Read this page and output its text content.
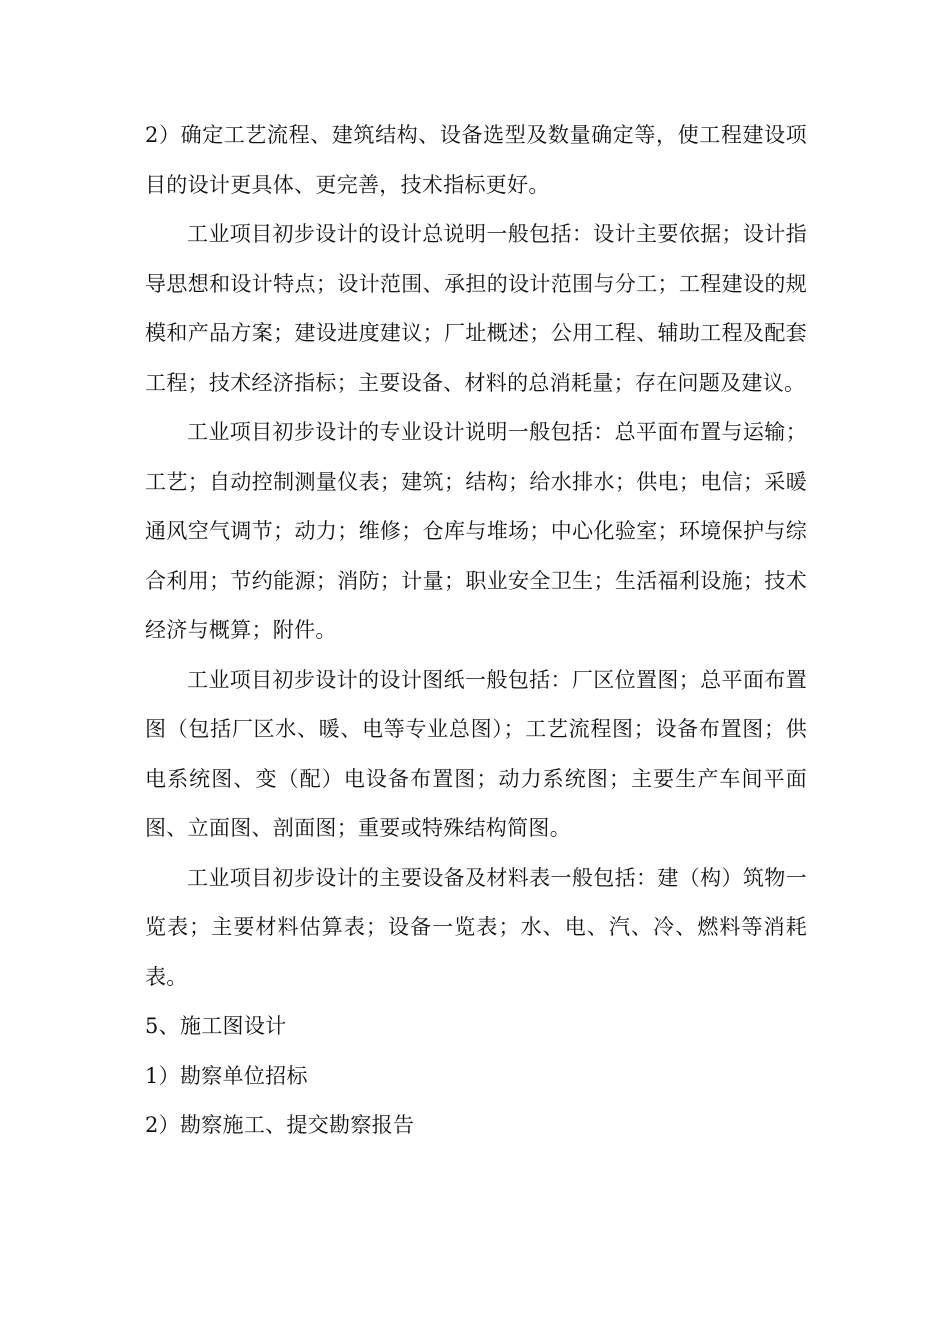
2）确定工艺流程、建筑结构、设备选型及数量确定等，使工程建设项目的设计更具体、更完善，技术指标更好。

工业项目初步设计的设计总说明一般包括：设计主要依据；设计指导思想和设计特点；设计范围、承担的设计范围与分工；工程建设的规模和产品方案；建设进度建议；厂址概述；公用工程、辅助工程及配套工程；技术经济指标；主要设备、材料的总消耗量；存在问题及建议。

工业项目初步设计的专业设计说明一般包括：总平面布置与运输；工艺；自动控制测量仪表；建筑；结构；给水排水；供电；电信；采暖通风空气调节；动力；维修；仓库与堆场；中心化验室；环境保护与综合利用；节约能源；消防；计量；职业安全卫生；生活福利设施；技术经济与概算；附件。

工业项目初步设计的设计图纸一般包括：厂区位置图；总平面布置图（包括厂区水、暖、电等专业总图）；工艺流程图；设备布置图；供电系统图、变（配）电设备布置图；动力系统图；主要生产车间平面图、立面图、剖面图；重要或特殊结构简图。

工业项目初步设计的主要设备及材料表一般包括：建（构）筑物一览表；主要材料估算表；设备一览表；水、电、汽、冷、燃料等消耗表。

5、施工图设计

1）勘察单位招标

2）勘察施工、提交勘察报告
